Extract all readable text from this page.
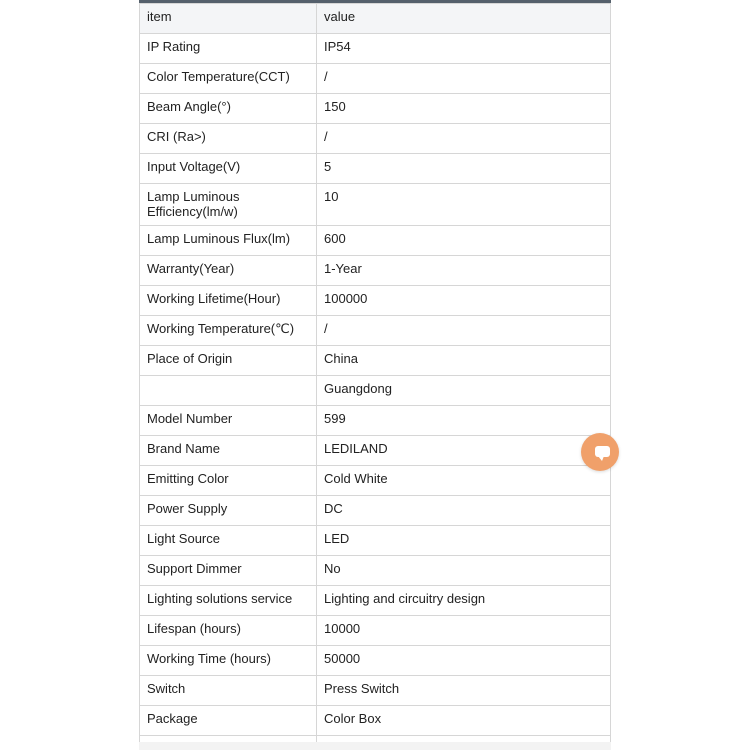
item	value
IP Rating	IP54
Color Temperature(CCT)	/
Beam Angle(°)	150
CRI (Ra>)	/
Input Voltage(V)	5
Lamp Luminous Efficiency(lm/w)	10
Lamp Luminous Flux(lm)	600
Warranty(Year)	1-Year
Working Lifetime(Hour)	100000
Working Temperature(℃)	/
Place of Origin	China
	Guangdong
Model Number	599
Brand Name	LEDILAND
Emitting Color	Cold White
Power Supply	DC
Light Source	LED
Support Dimmer	No
Lighting solutions service	Lighting and circuitry design
Lifespan (hours)	10000
Working Time (hours)	50000
Switch	Press Switch
Package	Color Box
